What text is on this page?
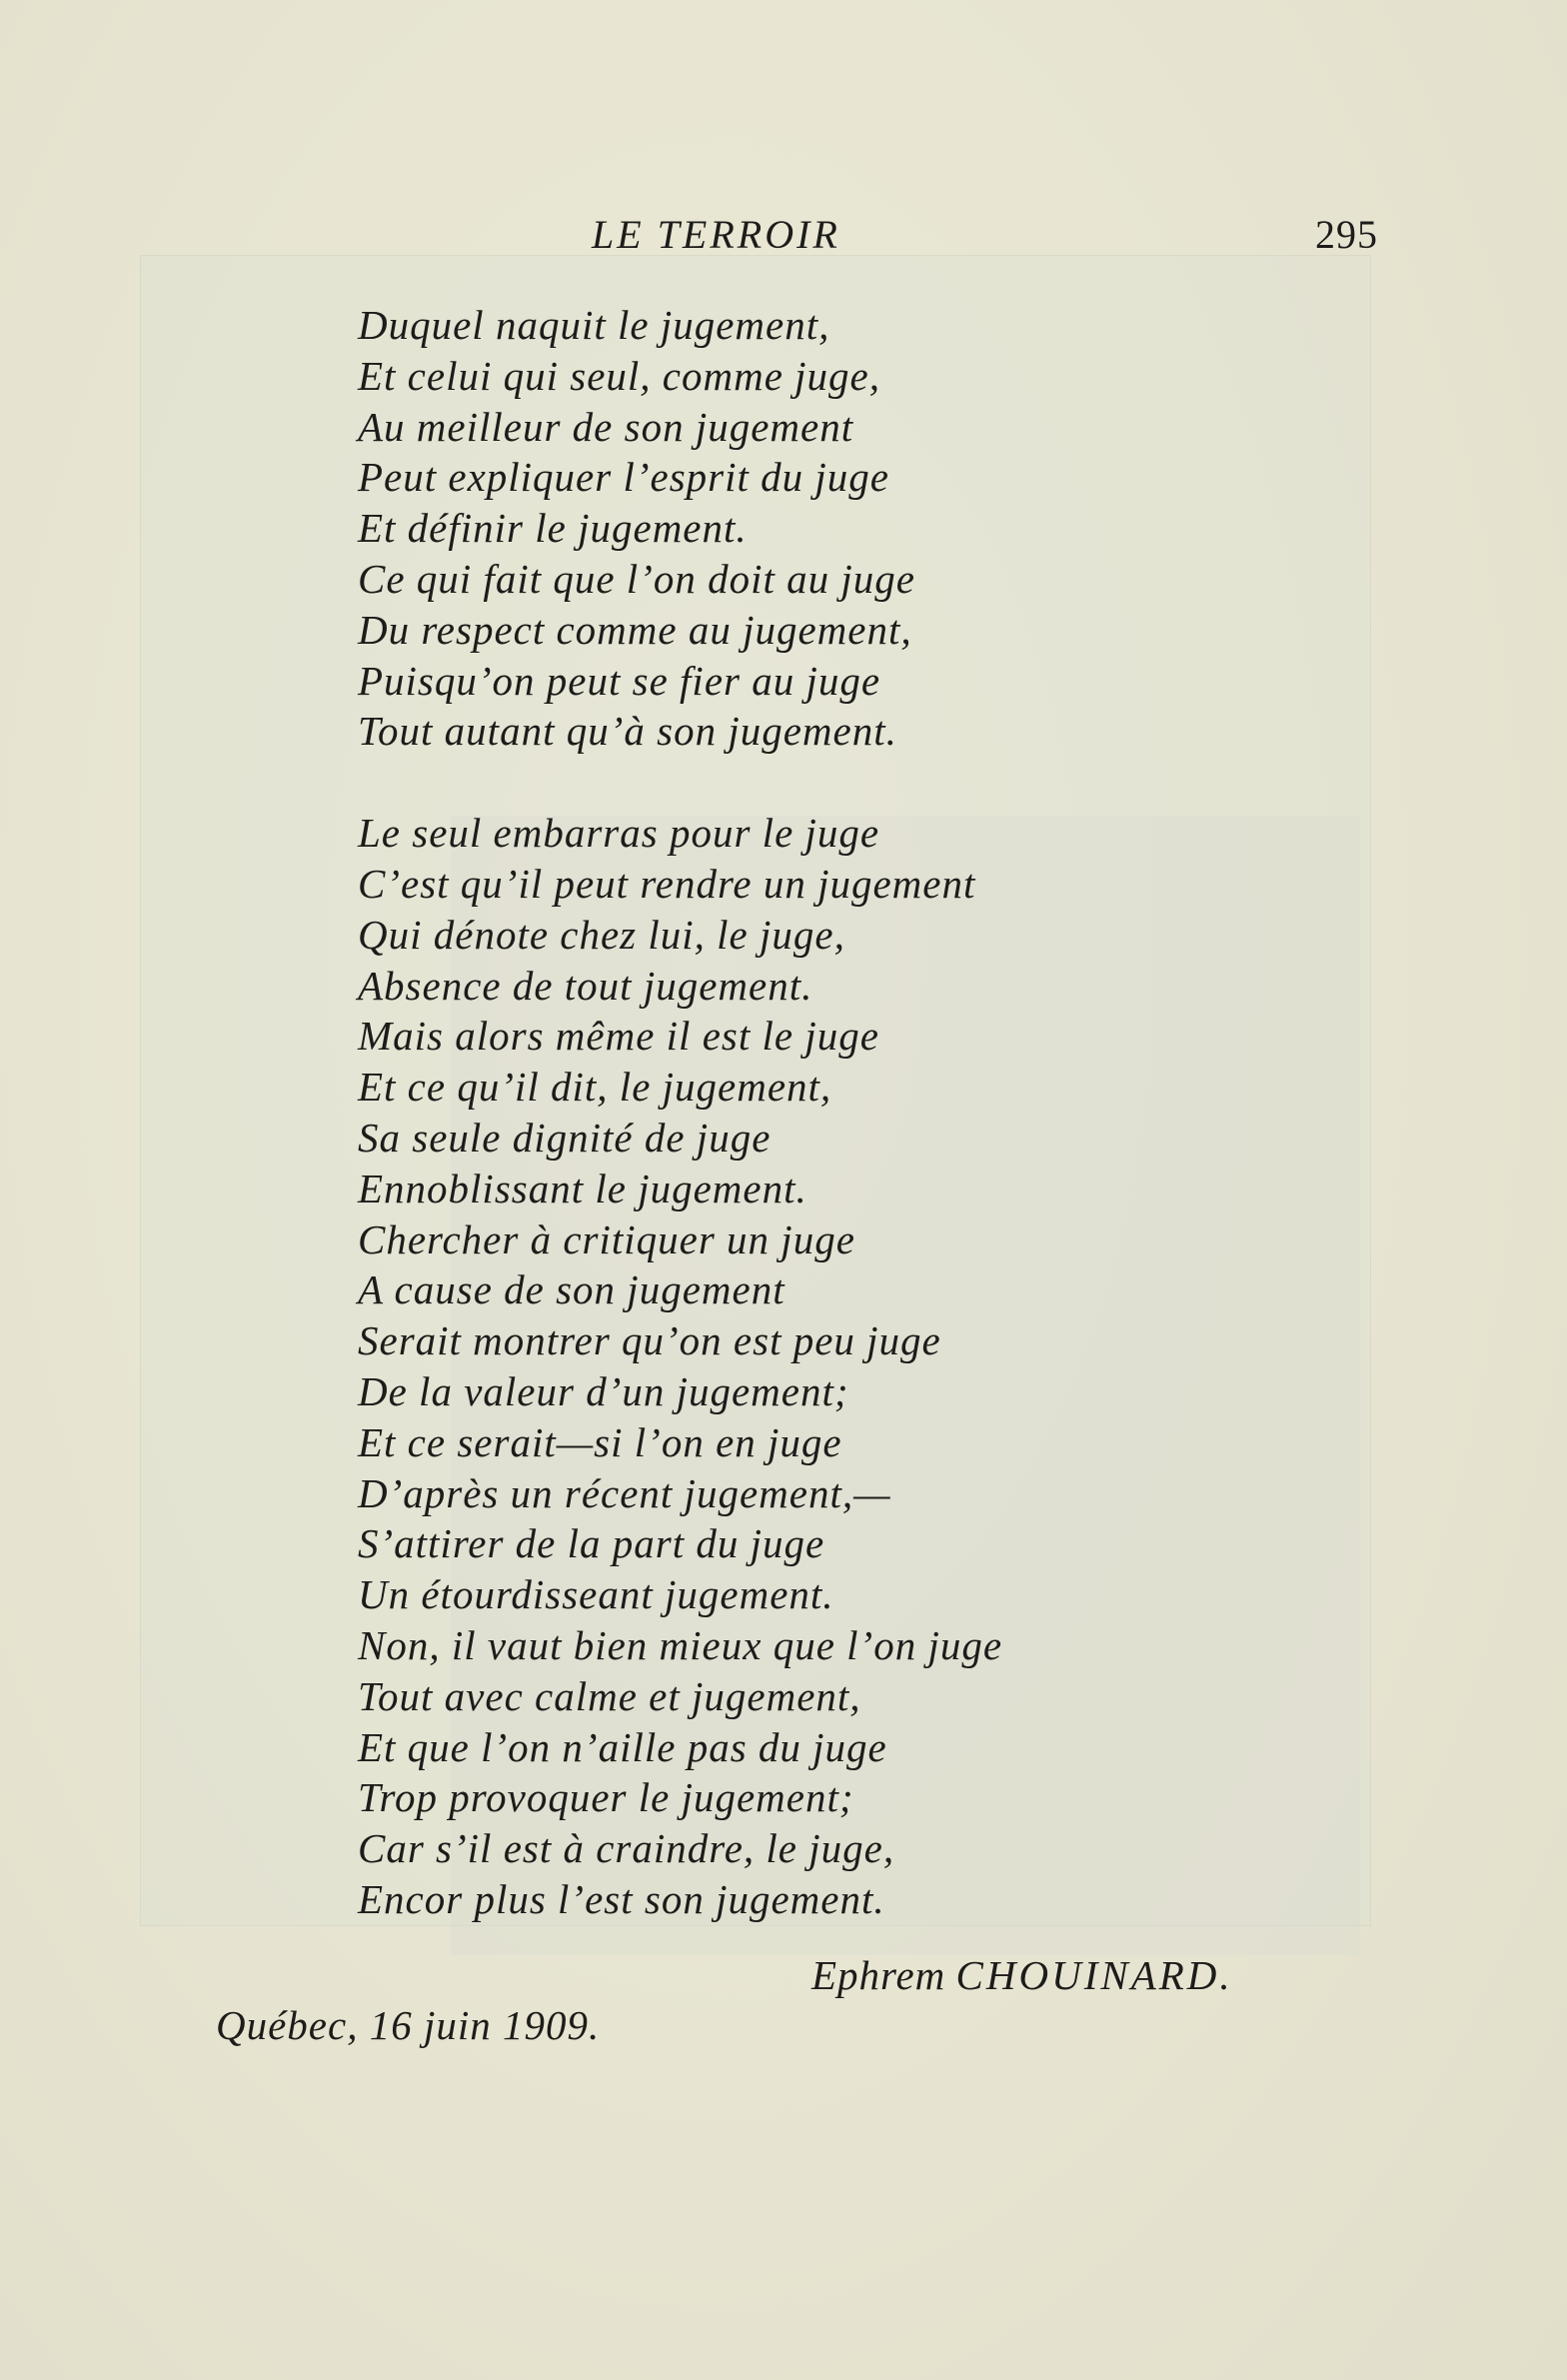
LE TERROIR	295
Duquel naquit le jugement,
Et celui qui seul, comme juge,
Au meilleur de son jugement
Peut expliquer l’esprit du juge
Et définir le jugement.
Ce qui fait que l’on doit au juge
Du respect comme au jugement,
Puisqu’on peut se fier au juge
Tout autant qu’à son jugement.
Le seul embarras pour le juge
C’est qu’il peut rendre un jugement
Qui dénote chez lui, le juge,
Absence de tout jugement.
Mais alors même il est le juge
Et ce qu’il dit, le jugement,
Sa seule dignité de juge
Ennoblissant le jugement.
Chercher à critiquer un juge
A cause de son jugement
Serait montrer qu’on est peu juge
De la valeur d’un jugement;
Et ce serait—si l’on en juge
D’après un récent jugement,—
S’attirer de la part du juge
Un étourdisseant jugement.
Non, il vaut bien mieux que l’on juge
Tout avec calme et jugement,
Et que l’on n’aille pas du juge
Trop provoquer le jugement;
Car s’il est à craindre, le juge,
Encor plus l’est son jugement.
Ephrem CHOUINARD.
Québec, 16 juin 1909.
